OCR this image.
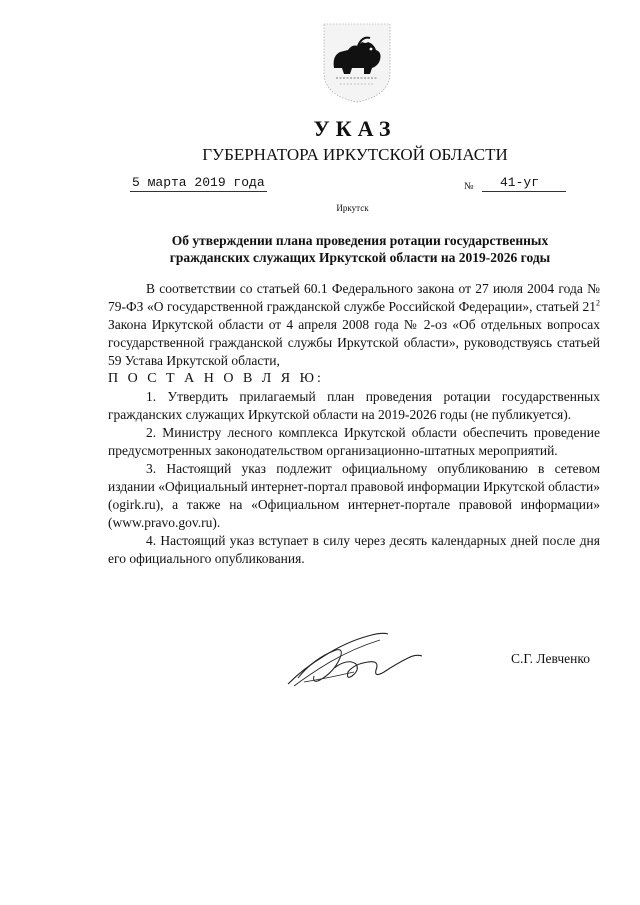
УКАЗ
ГУБЕРНАТОРА ИРКУТСКОЙ ОБЛАСТИ
5 марта 2019 года	№	41-уг
Иркутск
Об утверждении плана проведения ротации государственных
гражданских служащих Иркутской области на 2019-2026 годы

В соответствии со статьей 60.1 Федерального закона от 27 июля 2004 года № 79-ФЗ «О государственной гражданской службе Российской Федерации», статьей $21^2$ Закона Иркутской области от 4 апреля 2008 года № 2-оз «Об отдельных вопросах государственной гражданской службы Иркутской области», руководствуясь статьей 59 Устава Иркутской области,

П О С Т А Н О В Л Я Ю:

1. Утвердить прилагаемый план проведения ротации государственных гражданских служащих Иркутской области на 2019-2026 годы (не публикуется).

2. Министру лесного комплекса Иркутской области обеспечить проведение предусмотренных законодательством организационно-штатных мероприятий.

3. Настоящий указ подлежит официальному опубликованию в сетевом издании «Официальный интернет-портал правовой информации Иркутской области» (ogirk.ru), а также на «Официальном интернет-портале правовой информации» (www.pravo.gov.ru).

4. Настоящий указ вступает в силу через десять календарных дней после дня его официального опубликования.

С.Г. Левченко
